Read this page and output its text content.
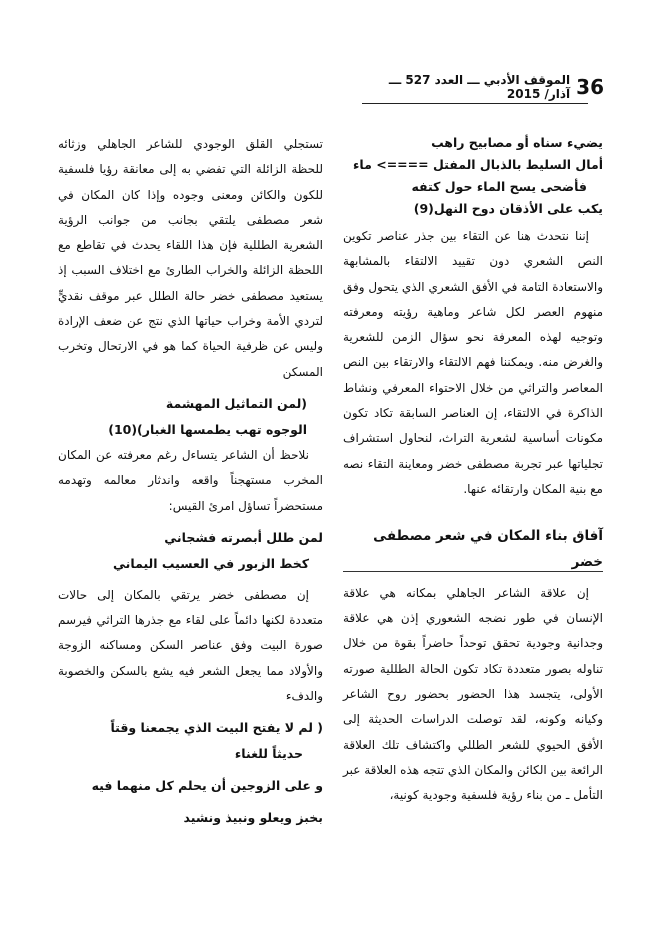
36
الموقف الأدبي ـــ العدد 527 ـــ آذار/ 2015

يضيء سناه أو مصابيح راهب

أمال السليط بالذبال المفتل ====> ماء

فأضحى يسح الماء حول كتفه

يكب على الأذقان دوح النهل(9)

إننا نتحدث هنا عن التقاء بين جذر عناصر تكوين النص الشعري دون تقييد الالتقاء بالمشابهة والاستعادة التامة في الأفق الشعري الذي يتحول وفق منهوم العصر لكل شاعر وماهية رؤيته ومعرفته وتوجيه لهذه المعرفة نحو سؤال الزمن للشعرية والغرض منه. ويمكننا فهم الالتقاء والارتقاء بين النص المعاصر والتراثي من خلال الاحتواء المعرفي ونشاط الذاكرة في الالتقاء، إن العناصر السابقة تكاد تكون مكونات أساسية لشعرية التراث، لنحاول استشراف تجلياتها عبر تجربة مصطفى خضر ومعاينة التقاء نصه مع بنية المكان وارتقائه عنها.

آفاق بناء المكان في شعر مصطفى خضر

إن علاقة الشاعر الجاهلي بمكانه هي علاقة الإنسان في طور نضجه الشعوري إذن هي علاقة وجدانية وجودية تحقق توحداً حاضراً بقوة من خلال تناوله بصور متعددة تكاد تكون الحالة الطللية صورته الأولى، يتجسد هذا الحضور بحضور روح الشاعر وكيانه وكونه، لقد توصلت الدراسات الحديثة إلى الأفق الحيوي للشعر الطللي واكتشاف تلك العلاقة الرائعة بين الكائن والمكان الذي تتجه هذه العلاقة عبر التأمل ـ من بناء رؤية فلسفية وجودية كونية،

تستجلي القلق الوجودي للشاعر الجاهلي وزثائه للحظة الزائلة التي تفضي به إلى معانقة رؤيا فلسفية للكون والكائن ومعنى وجوده وإذا كان المكان في شعر مصطفى يلتقي بجانب من جوانب الرؤية الشعرية الطللية فإن هذا اللقاء يحدث في تقاطع مع اللحظة الزائلة والخراب الطارئ مع اختلاف السبب إذ يستعيد مصطفى خضر حالة الطلل عبر موقف نقديٍّ لتردي الأمة وخراب حياتها الذي نتج عن ضعف الإرادة وليس عن ظرفية الحياة كما هو في الارتحال وتخرب المسكن

(لمن التماثيل المهشمة

الوجوه تهب يطمسها الغبار)(10)

نلاحظ أن الشاعر يتساءل رغم معرفته عن المكان المخرب مستهجناً واقعه واندثار معالمه وتهدمه مستحضراً تساؤل امرئ القيس:

لمن طلل أبصرته فشجاني

كخط الزبور في العسيب اليماني

إن مصطفى خضر يرتقي بالمكان إلى حالات متعددة لكنها دائماً على لقاء مع جذرها التراثي فيرسم صورة البيت وفق عناصر السكن ومساكنه الزوجة والأولاد مما يجعل الشعر فيه يشع بالسكن والخصوبة والدفء

( لم لا يفتح البيت الذي يجمعنا وقتاً

حديثاً للغناء

و على الزوجين أن يحلم كل منهما فيه

بخبز ويعلو ونبيذ ونشيد
